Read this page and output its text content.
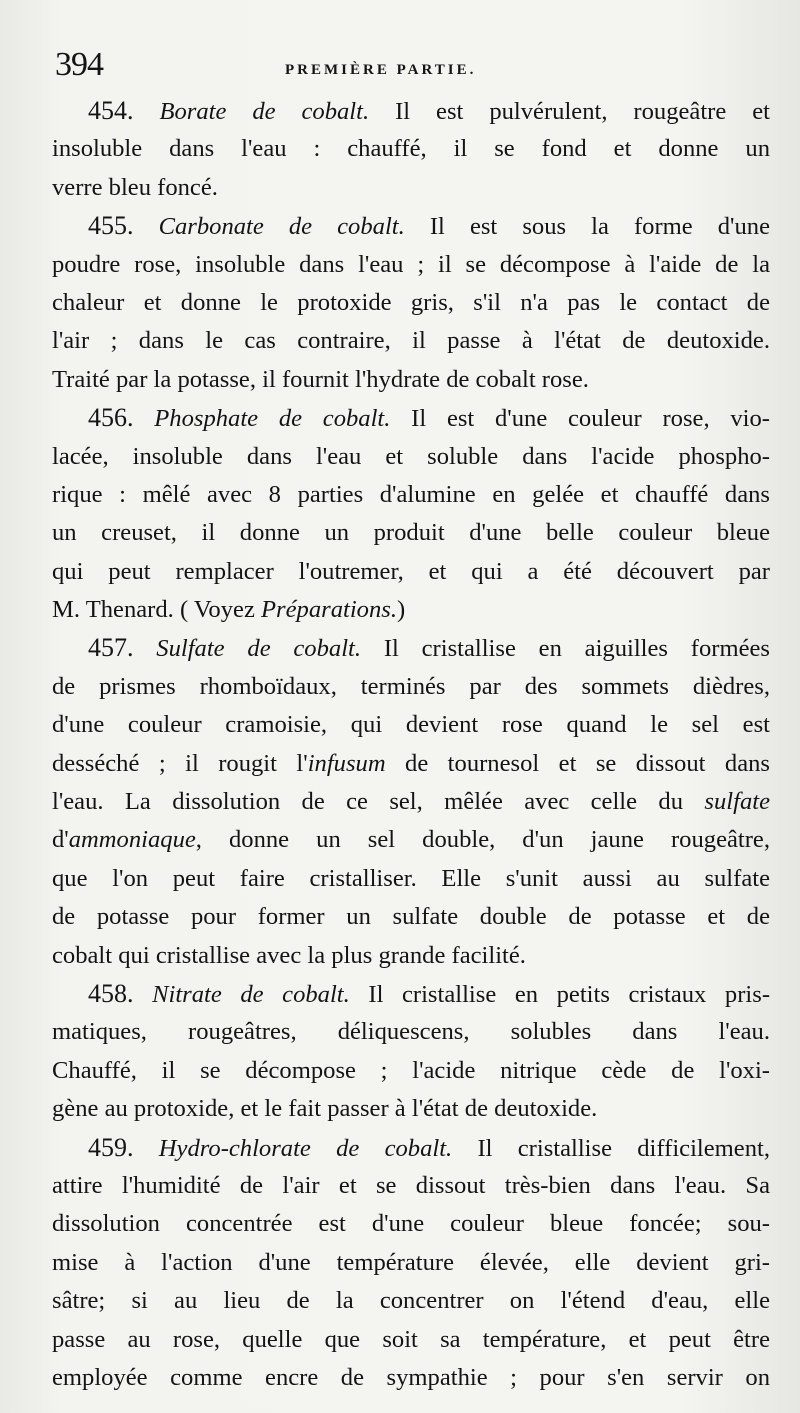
394	PREMIÈRE PARTIE.
454. Borate de cobalt. Il est pulvérulent, rougeâtre et
insoluble dans l'eau : chauffé, il se fond et donne un
verre bleu foncé.
455. Carbonate de cobalt. Il est sous la forme d'une
poudre rose, insoluble dans l'eau ; il se décompose à l'aide de la
chaleur et donne le protoxide gris, s'il n'a pas le contact de
l'air ; dans le cas contraire, il passe à l'état de deutoxide.
Traité par la potasse, il fournit l'hydrate de cobalt rose.
456. Phosphate de cobalt. Il est d'une couleur rose, vio-
lacée, insoluble dans l'eau et soluble dans l'acide phospho-
rique : mêlé avec 8 parties d'alumine en gelée et chauffé dans
un creuset, il donne un produit d'une belle couleur bleue
qui peut remplacer l'outremer, et qui a été découvert par
M. Thenard. ( Voyez Préparations.)
457. Sulfate de cobalt. Il cristallise en aiguilles formées
de prismes rhomboïdaux, terminés par des sommets dièdres,
d'une couleur cramoisie, qui devient rose quand le sel est
desséché ; il rougit l'infusum de tournesol et se dissout dans
l'eau. La dissolution de ce sel, mêlée avec celle du sulfate
d'ammoniaque, donne un sel double, d'un jaune rougeâtre,
que l'on peut faire cristalliser. Elle s'unit aussi au sulfate
de potasse pour former un sulfate double de potasse et de
cobalt qui cristallise avec la plus grande facilité.
458. Nitrate de cobalt. Il cristallise en petits cristaux pris-
matiques, rougeâtres, déliquescens, solubles dans l'eau.
Chauffé, il se décompose ; l'acide nitrique cède de l'oxi-
gène au protoxide, et le fait passer à l'état de deutoxide.
459. Hydro-chlorate de cobalt. Il cristallise difficilement,
attire l'humidité de l'air et se dissout très-bien dans l'eau. Sa
dissolution concentrée est d'une couleur bleue foncée; sou-
mise à l'action d'une température élevée, elle devient gri-
sâtre; si au lieu de la concentrer on l'étend d'eau, elle
passe au rose, quelle que soit sa température, et peut être
employée comme encre de sympathie ; pour s'en servir on
